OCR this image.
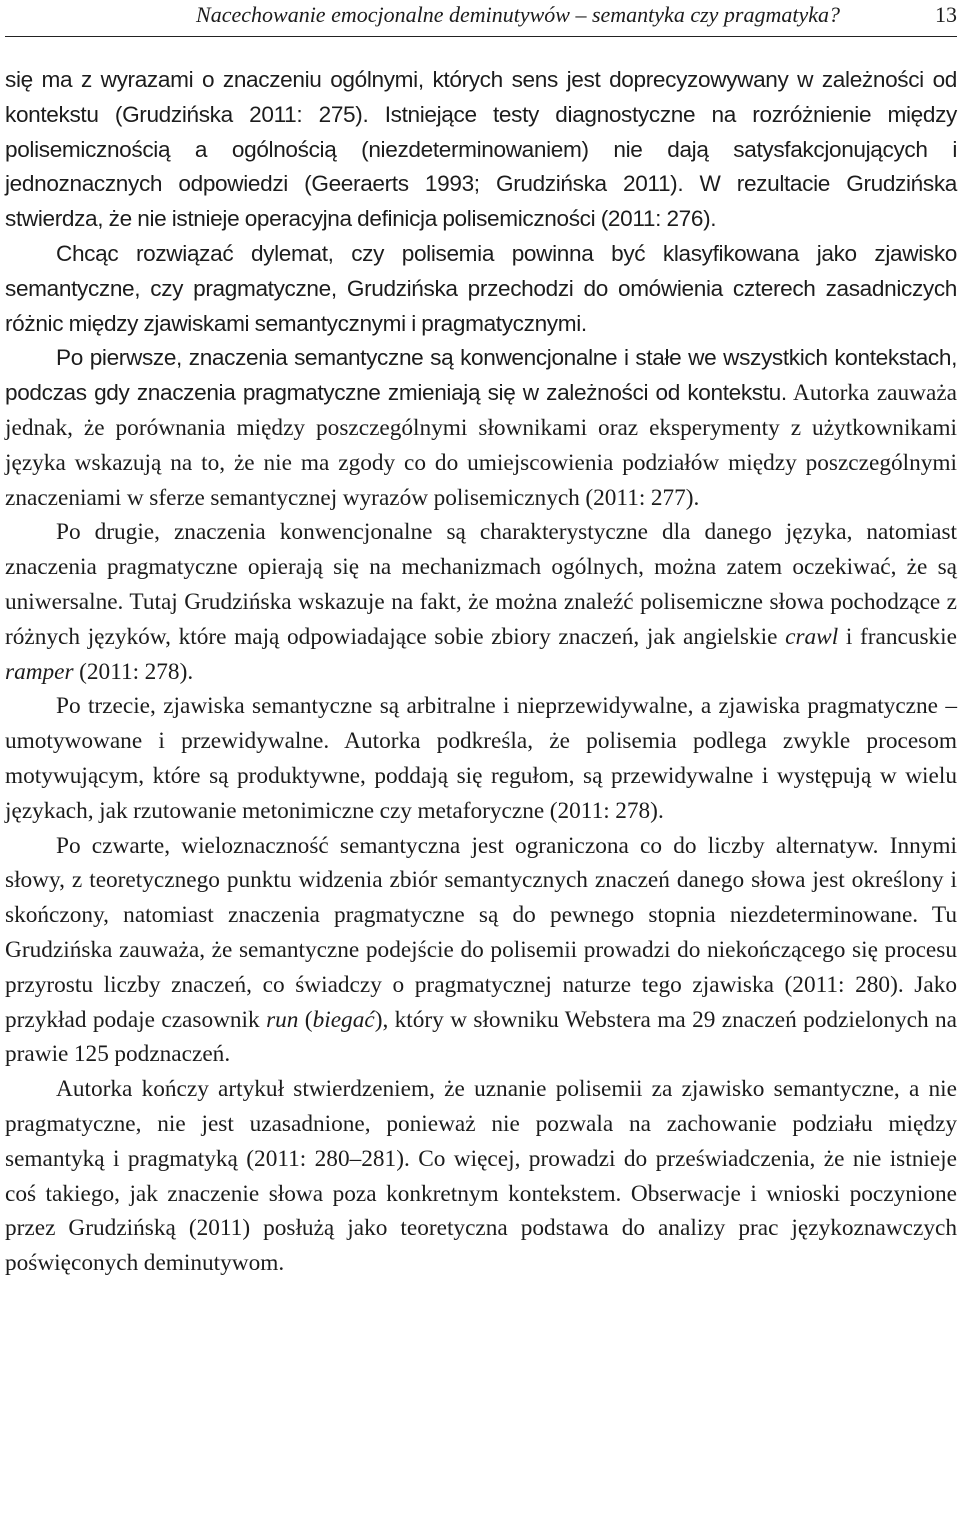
Nacechowanie emocjonalne deminutywów – semantyka czy pragmatyka?	13

się ma z wyrazami o znaczeniu ogólnymi, których sens jest doprecyzowywany w zależności od kontekstu (Grudzińska 2011: 275). Istniejące testy diagnostyczne na rozróżnienie między polisemicznością a ogólnością (niezdeterminowaniem) nie dają satysfakcjonujących i jednoznacznych odpowiedzi (Geeraerts 1993; Grudzińska 2011). W rezultacie Grudzińska stwierdza, że nie istnieje operacyjna definicja polisemiczności (2011: 276).

Chcąc rozwiązać dylemat, czy polisemia powinna być klasyfikowana jako zjawisko semantyczne, czy pragmatyczne, Grudzińska przechodzi do omówienia czterech zasadniczych różnic między zjawiskami semantycznymi i pragmatycznymi.

Po pierwsze, znaczenia semantyczne są konwencjonalne i stałe we wszystkich kontekstach, podczas gdy znaczenia pragmatyczne zmieniają się w zależności od kontekstu. Autorka zauważa jednak, że porównania między poszczególnymi słownikami oraz eksperymenty z użytkownikami języka wskazują na to, że nie ma zgody co do umiejscowienia podziałów między poszczególnymi znaczeniami w sferze semantycznej wyrazów polisemicznych (2011: 277).

Po drugie, znaczenia konwencjonalne są charakterystyczne dla danego języka, natomiast znaczenia pragmatyczne opierają się na mechanizmach ogólnych, można zatem oczekiwać, że są uniwersalne. Tutaj Grudzińska wskazuje na fakt, że można znaleźć polisemiczne słowa pochodzące z różnych języków, które mają odpowiadające sobie zbiory znaczeń, jak angielskie crawl i francuskie ramper (2011: 278).

Po trzecie, zjawiska semantyczne są arbitralne i nieprzewidywalne, a zjawiska pragmatyczne – umotywowane i przewidywalne. Autorka podkreśla, że polisemia podlega zwykle procesom motywującym, które są produktywne, poddają się regułom, są przewidywalne i występują w wielu językach, jak rzutowanie metonimiczne czy metaforyczne (2011: 278).

Po czwarte, wieloznaczność semantyczna jest ograniczona co do liczby alternatyw. Innymi słowy, z teoretycznego punktu widzenia zbiór semantycznych znaczeń danego słowa jest określony i skończony, natomiast znaczenia pragmatyczne są do pewnego stopnia niezdeterminowane. Tu Grudzińska zauważa, że semantyczne podejście do polisemii prowadzi do niekończącego się procesu przyrostu liczby znaczeń, co świadczy o pragmatycznej naturze tego zjawiska (2011: 280). Jako przykład podaje czasownik run (biegać), który w słowniku Webstera ma 29 znaczeń podzielonych na prawie 125 podznaczeń.

Autorka kończy artykuł stwierdzeniem, że uznanie polisemii za zjawisko semantyczne, a nie pragmatyczne, nie jest uzasadnione, ponieważ nie pozwala na zachowanie podziału między semantyką i pragmatyką (2011: 280–281). Co więcej, prowadzi do przeświadczenia, że nie istnieje coś takiego, jak znaczenie słowa poza konkretnym kontekstem. Obserwacje i wnioski poczynione przez Grudzińską (2011) posłużą jako teoretyczna podstawa do analizy prac językoznawczych poświęconych deminutywom.
